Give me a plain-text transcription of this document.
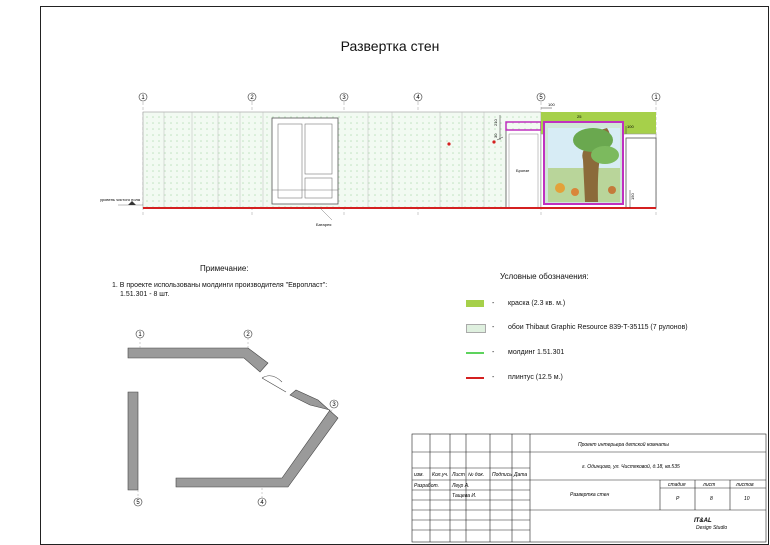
Развертка стен
Бронзе
210
30
100
100
150
25
уровень чистого пола
Батарея
1	2	3	4	5	1
Примечание:
1. В проекте использованы молдинги производителя "Европласт":
1.51.301 - 8 шт.
Условные обозначения:
- краска (2.3 кв. м.)
- обои Thibaut Graphic Resource 839-T-35115 (7 рулонов)
- молдинг 1.51.301
- плинтус (12.5 м.)
1	2
3
4
5
изм. Кол.уч. Лист № док. Подпись Дата
Разработ.	Леур А.
Тащева И.
Проект интерьера детской комнаты
г. Одинцово, ул. Чистяковой, д.18, кв.535
Развертка стен
стадия	лист	листов
Р	8	10
IT&AL
Design Studio
